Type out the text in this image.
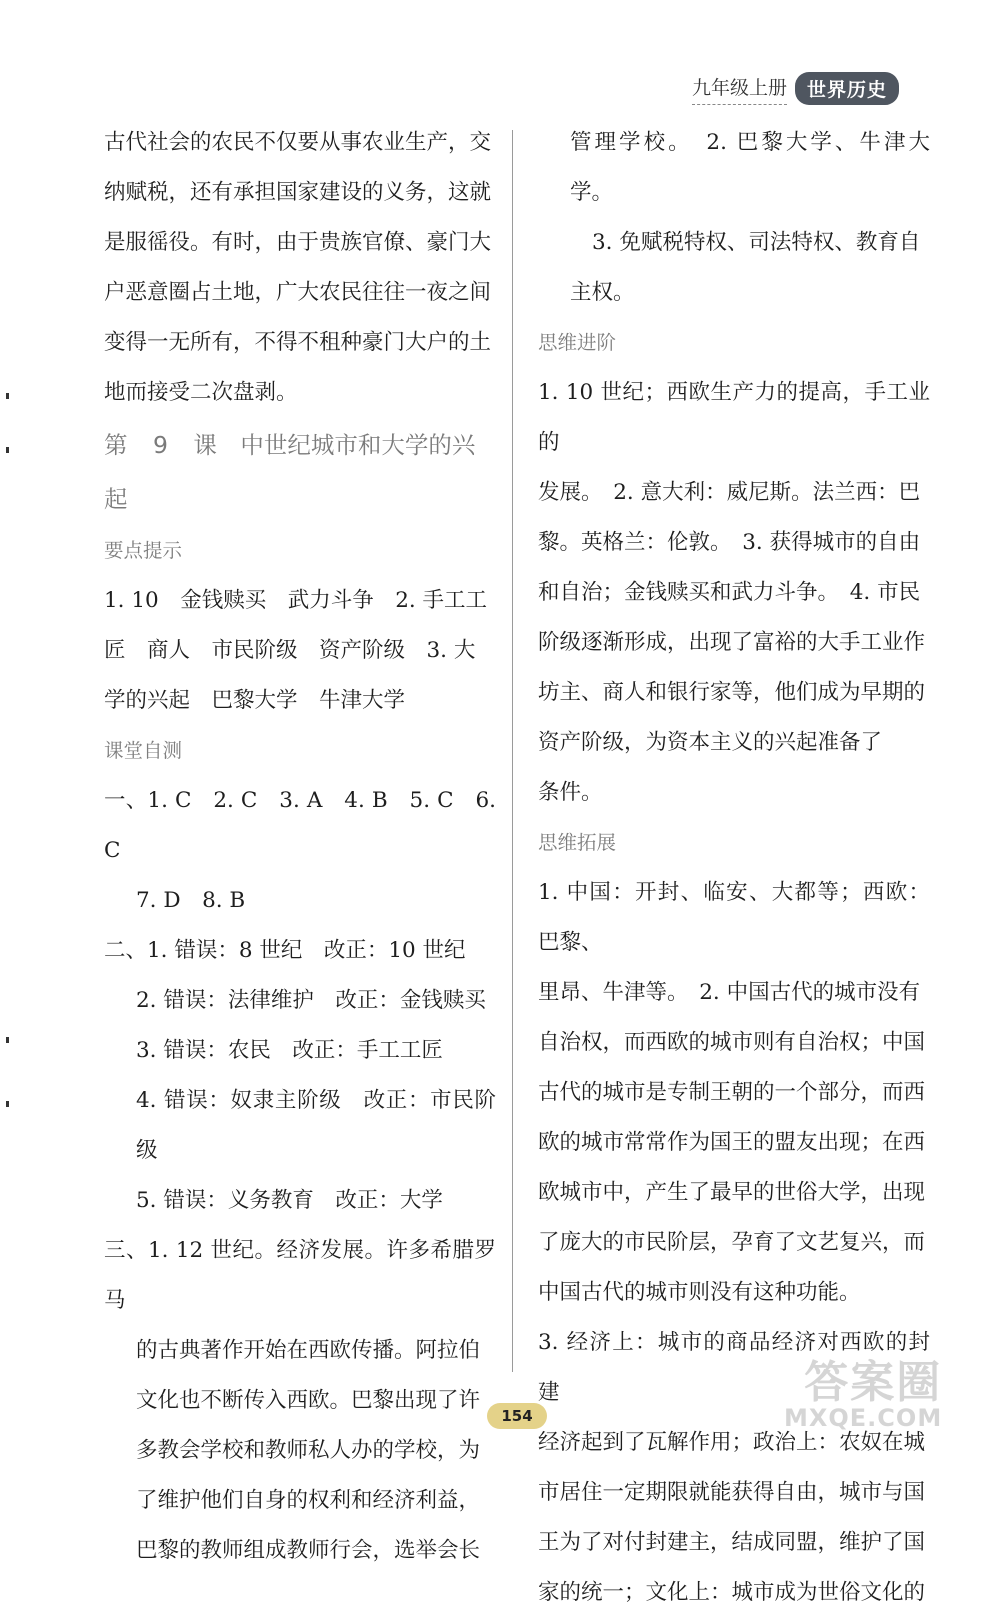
九年级上册	世界历史

古代社会的农民不仅要从事农业生产，交

纳赋税，还有承担国家建设的义务，这就

是服徭役。有时，由于贵族官僚、豪门大

户恶意圈占土地，广大农民往往一夜之间

变得一无所有，不得不租种豪门大户的土

地而接受二次盘剥。

第 9 课　中世纪城市和大学的兴起

要点提示

1. 10　金钱赎买　武力斗争　2. 手工工

匠　商人　市民阶级　资产阶级　3. 大

学的兴起　巴黎大学　牛津大学

课堂自测

一、1. C　2. C　3. A　4. B　5. C　6. C

7. D　8. B

二、1. 错误：8 世纪　改正：10 世纪

2. 错误：法律维护　改正：金钱赎买

3. 错误：农民　改正：手工工匠

4. 错误：奴隶主阶级　改正：市民阶级

5. 错误：义务教育　改正：大学

三、1. 12 世纪。经济发展。许多希腊罗马

的古典著作开始在西欧传播。阿拉伯

文化也不断传入西欧。巴黎出现了许

多教会学校和教师私人办的学校，为

了维护他们自身的权利和经济利益，

巴黎的教师组成教师行会，选举会长

管理学校。　2. 巴黎大学、牛津大学。

3. 免赋税特权、司法特权、教育自

主权。

思维进阶

1. 10 世纪；西欧生产力的提高，手工业的

发展。　2. 意大利：威尼斯。法兰西：巴

黎。英格兰：伦敦。　3. 获得城市的自由

和自治；金钱赎买和武力斗争。　4. 市民

阶级逐渐形成，出现了富裕的大手工业作

坊主、商人和银行家等，他们成为早期的

资产阶级，为资本主义的兴起准备了

条件。

思维拓展

1. 中国：开封、临安、大都等；西欧：巴黎、

里昂、牛津等。　2. 中国古代的城市没有

自治权，而西欧的城市则有自治权；中国

古代的城市是专制王朝的一个部分，而西

欧的城市常常作为国王的盟友出现；在西

欧城市中，产生了最早的世俗大学，出现

了庞大的市民阶层，孕育了文艺复兴，而

中国古代的城市则没有这种功能。

3. 经济上：城市的商品经济对西欧的封建

经济起到了瓦解作用；政治上：农奴在城

市居住一定期限就能获得自由，城市与国

王为了对付封建主，结成同盟，维护了国

家的统一；文化上：城市成为世俗文化的

答案圈
MXQE.COM
154
